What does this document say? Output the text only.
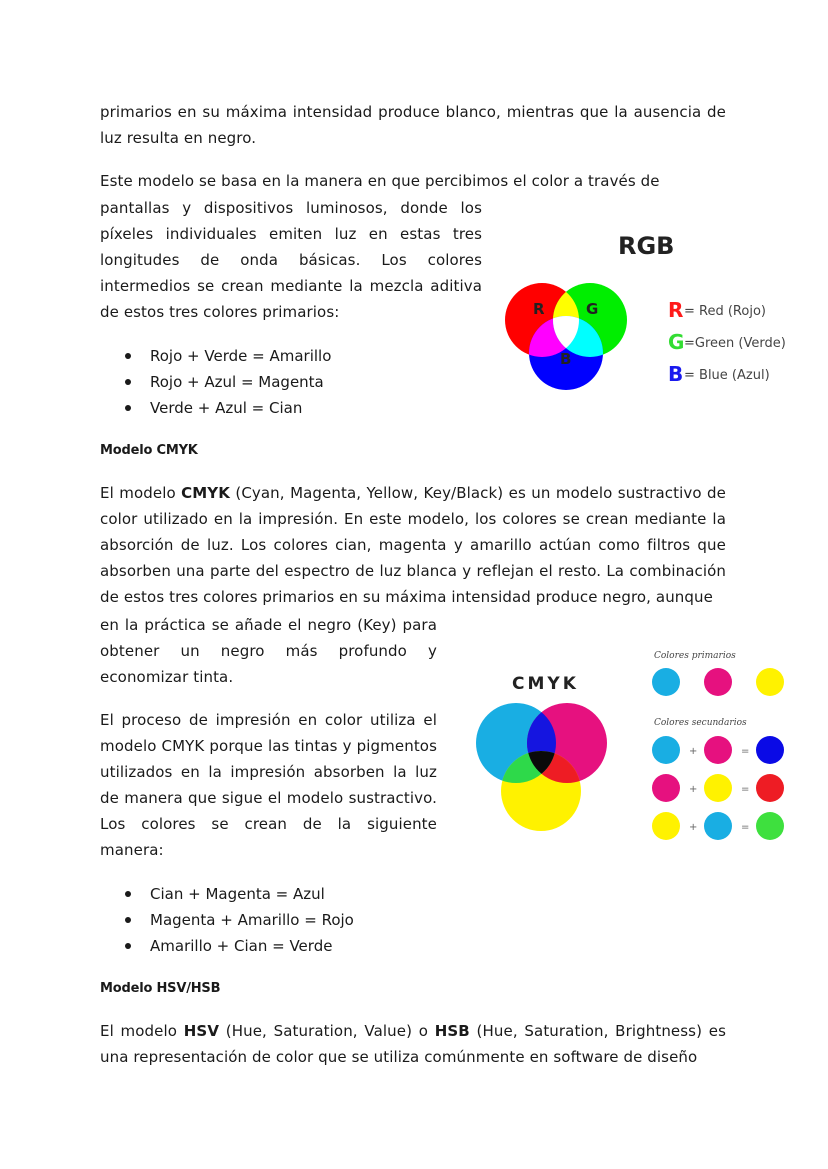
primarios en su máxima intensidad produce blanco, mientras que la ausencia de luz resulta en negro.

Este modelo se basa en la manera en que percibimos el color a través de

pantallas y dispositivos luminosos, donde los píxeles individuales emiten luz en estas tres longitudes de onda básicas. Los colores intermedios se crean mediante la mezcla aditiva de estos tres colores primarios:

Rojo + Verde = Amarillo
Rojo + Azul = Magenta
Verde + Azul = Cian
RGB
R	G
B
R = Red (Rojo)
G =Green (Verde)
B = Blue (Azul)

Modelo CMYK

El modelo CMYK (Cyan, Magenta, Yellow, Key/Black) es un modelo sustractivo de color utilizado en la impresión. En este modelo, los colores se crean mediante la absorción de luz. Los colores cian, magenta y amarillo actúan como filtros que absorben una parte del espectro de luz blanca y reflejan el resto. La combinación de estos tres colores primarios en su máxima intensidad produce negro, aunque

en la práctica se añade el negro (Key) para obtener un negro más profundo y economizar tinta.

El proceso de impresión en color utiliza el modelo CMYK porque las tintas y pigmentos utilizados en la impresión absorben la luz de manera que sigue el modelo sustractivo. Los colores se crean de la siguiente manera:

Cian + Magenta = Azul
Magenta + Amarillo = Rojo
Amarillo + Cian = Verde
CMYK
Colores primarios
Colores secundarios
+	=
+	=
+	=

Modelo HSV/HSB

El modelo HSV (Hue, Saturation, Value) o HSB (Hue, Saturation, Brightness) es una representación de color que se utiliza comúnmente en software de diseño
